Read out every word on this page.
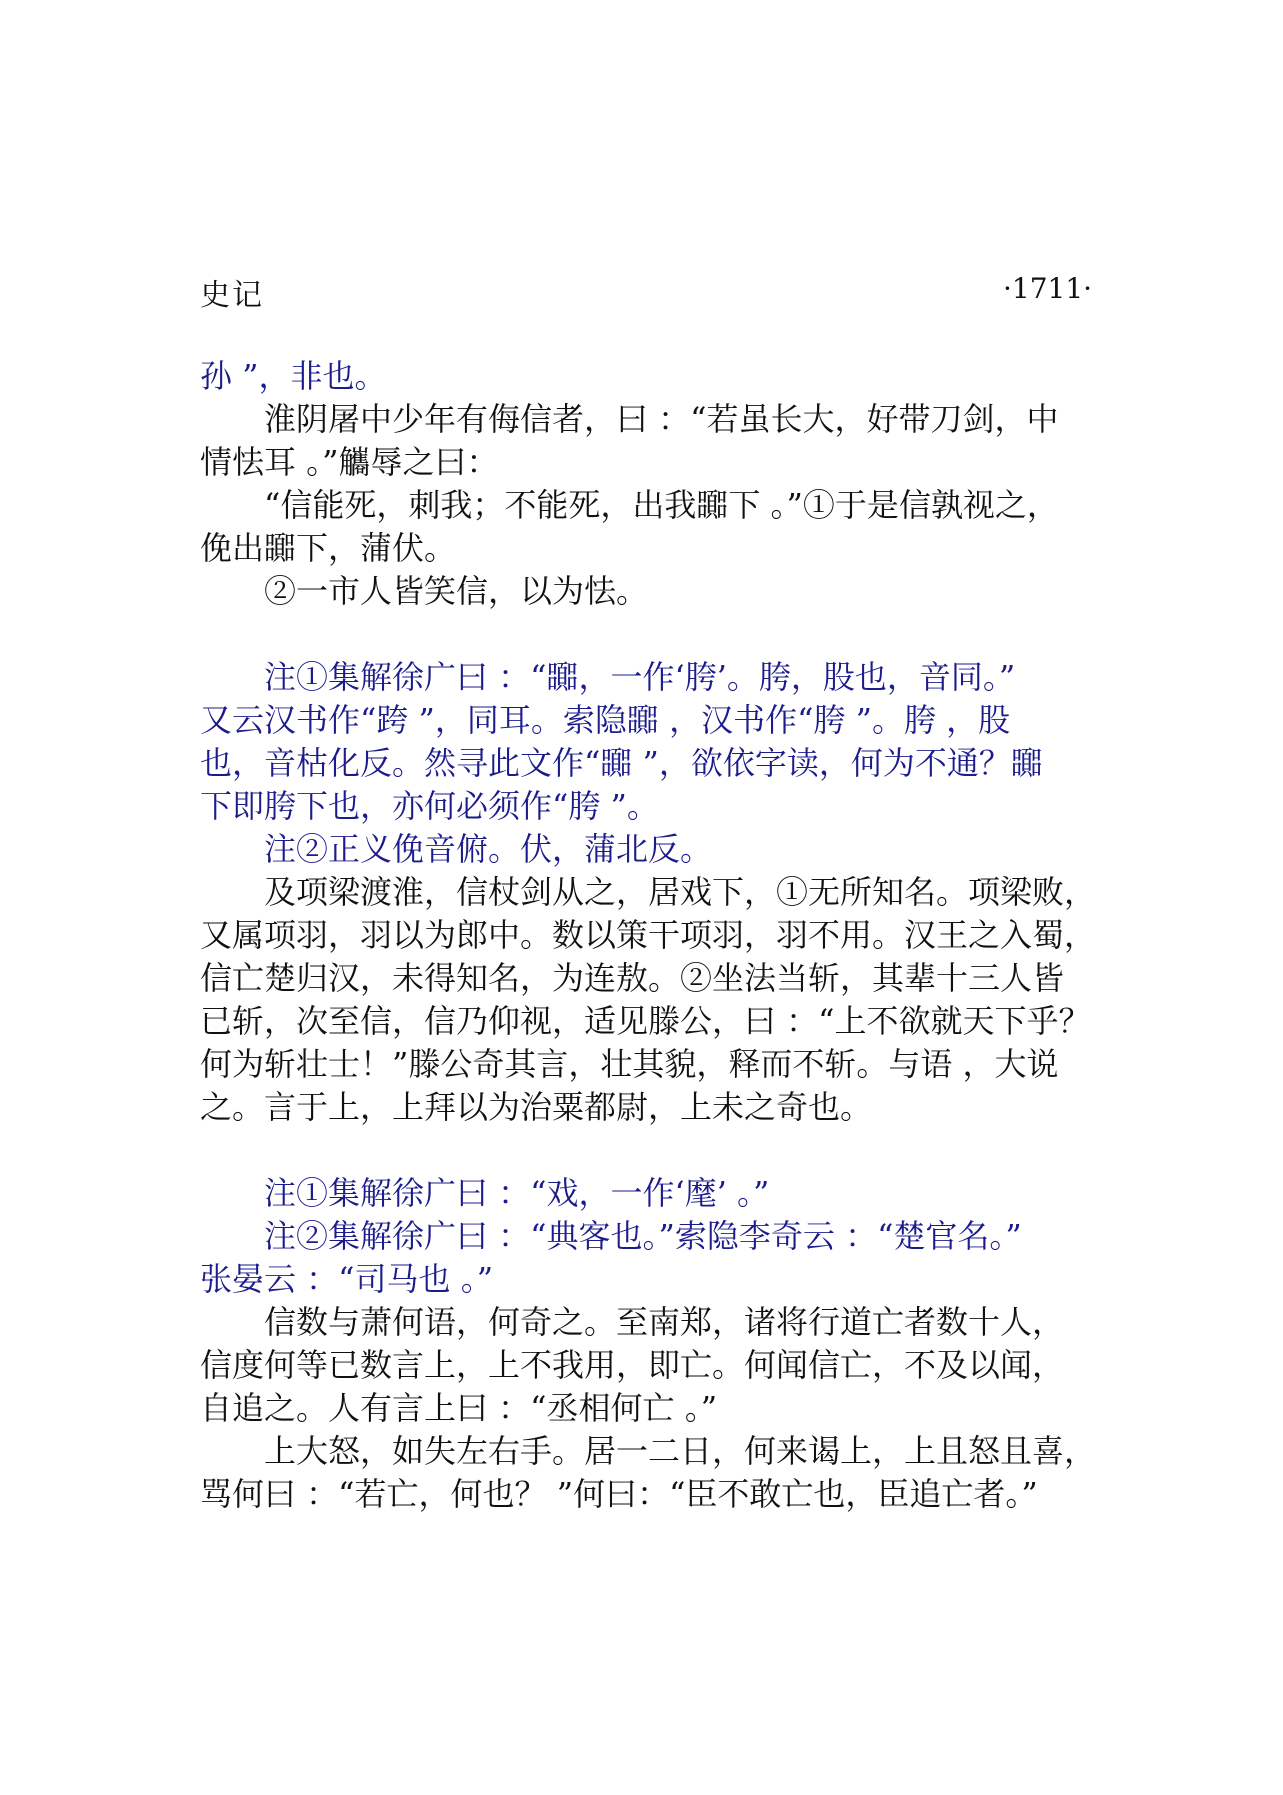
史记	·1711·
孙 ”，非也。
　　淮阴屠中少年有侮信者，曰 ：“若虽长大，好带刀剑，中
情怯耳 。”觿辱之曰：
　　“信能死，刺我；不能死，出我嚻下 。”①于是信孰视之，
俛出嚻下，蒲伏。
　　②一市人皆笑信，以为怯。
　　注①集解徐广曰 ：“嚻，一作‘胯’。胯，股也，音同。”
又云汉书作“跨 ”，同耳。索隐嚻 ，汉书作“胯 ”。胯 ，股
也，音枯化反。然寻此文作“嚻 ”，欲依字读，何为不通？嚻
下即胯下也，亦何必须作“胯 ”。
　　注②正义俛音俯。伏，蒲北反。
　　及项梁渡淮，信杖剑从之，居戏下，①无所知名。项梁败，
又属项羽，羽以为郎中。数以策干项羽，羽不用。汉王之入蜀，
信亡楚归汉，未得知名，为连敖。②坐法当斩，其辈十三人皆
已斩，次至信，信乃仰视，适见滕公，曰 ：“上不欲就天下乎？
何为斩壮士！”滕公奇其言，壮其貌，释而不斩。与语 ，大说
之。言于上，上拜以为治粟都尉，上未之奇也。
　　注①集解徐广曰 ：“戏，一作‘麾’ 。”
　　注②集解徐广曰 ：“典客也。”索隐李奇云 ：“楚官名。”
张晏云 ：“司马也 。”
　　信数与萧何语，何奇之。至南郑，诸将行道亡者数十人，
信度何等已数言上，上不我用，即亡。何闻信亡，不及以闻，
自追之。人有言上曰 ：“丞相何亡 。”
　　上大怒，如失左右手。居一二日，何来谒上，上且怒且喜，
骂何曰 ：“若亡，何也？ ”何曰：“臣不敢亡也，臣追亡者。”
